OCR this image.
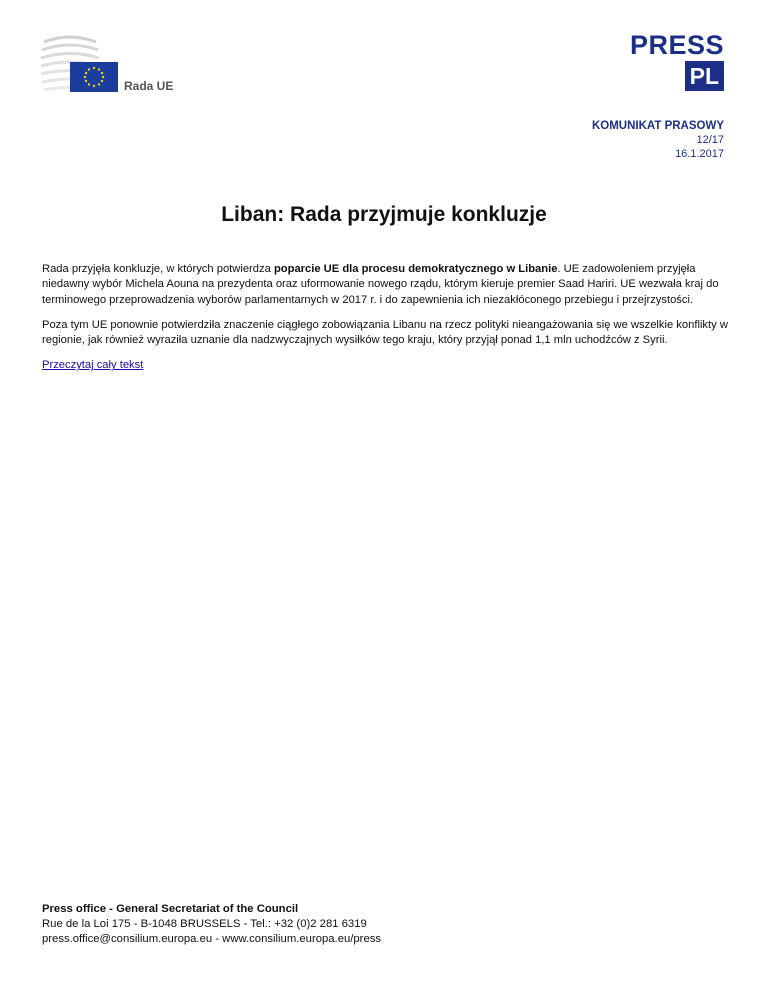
Rada UE
PRESS
PL
KOMUNIKAT PRASOWY
12/17
16.1.2017
Liban: Rada przyjmuje konkluzje

Rada przyjęła konkluzje, w których potwierdza poparcie UE dla procesu demokratycznego w Libanie. UE zadowoleniem przyjęła niedawny wybór Michela Aouna na prezydenta oraz uformowanie nowego rządu, którym kieruje premier Saad Hariri. UE wezwała kraj do terminowego przeprowadzenia wyborów parlamentarnych w 2017 r. i do zapewnienia ich niezakłóconego przebiegu i przejrzystości.

Poza tym UE ponownie potwierdziła znaczenie ciągłego zobowiązania Libanu na rzecz polityki nieangażowania się we wszelkie konflikty w regionie, jak również wyraziła uznanie dla nadzwyczajnych wysiłków tego kraju, który przyjął ponad 1,1 mln uchodźców z Syrii.

Przeczytaj cały tekst

Press office - General Secretariat of the Council
Rue de la Loi 175 - B-1048 BRUSSELS - Tel.: +32 (0)2 281 6319
press.office@consilium.europa.eu - www.consilium.europa.eu/press
